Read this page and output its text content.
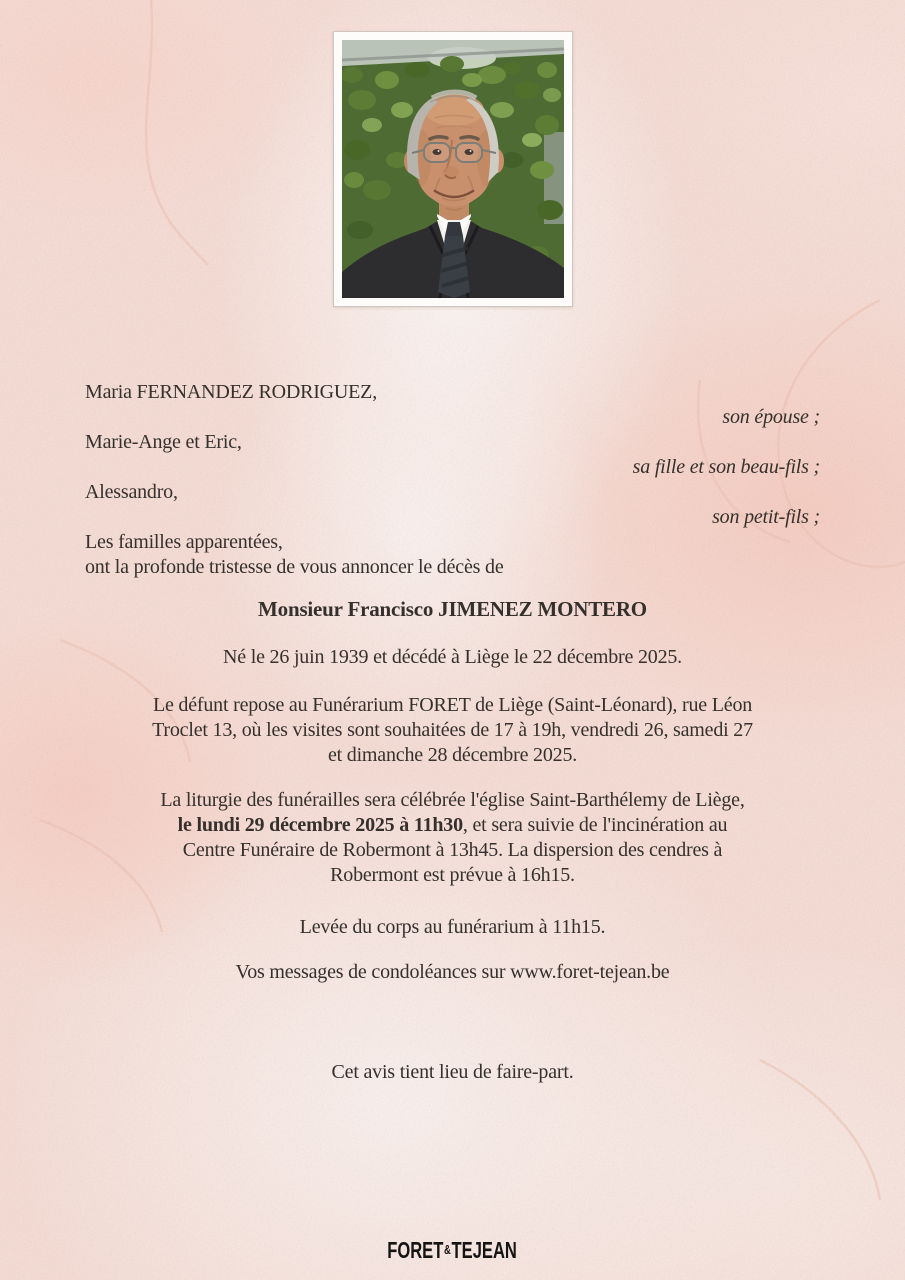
Maria FERNANDEZ RODRIGUEZ,
son épouse ;
Marie-Ange et Eric,
sa fille et son beau-fils ;
Alessandro,
son petit-fils ;
Les familles apparentées,
ont la profonde tristesse de vous annoncer le décès de
Monsieur Francisco JIMENEZ MONTERO
Né le 26 juin 1939 et décédé à Liège le 22 décembre 2025.
Le défunt repose au Funérarium FORET de Liège (Saint-Léonard), rue Léon
Troclet 13, où les visites sont souhaitées de 17 à 19h, vendredi 26, samedi 27
et dimanche 28 décembre 2025.
La liturgie des funérailles sera célébrée l'église Saint-Barthélemy de Liège,
le lundi 29 décembre 2025 à 11h30, et sera suivie de l'incinération au
Centre Funéraire de Robermont à 13h45. La dispersion des cendres à
Robermont est prévue à 16h15.
Levée du corps au funérarium à 11h15.
Vos messages de condoléances sur www.foret-tejean.be
Cet avis tient lieu de faire-part.
FORET&TEJEAN
